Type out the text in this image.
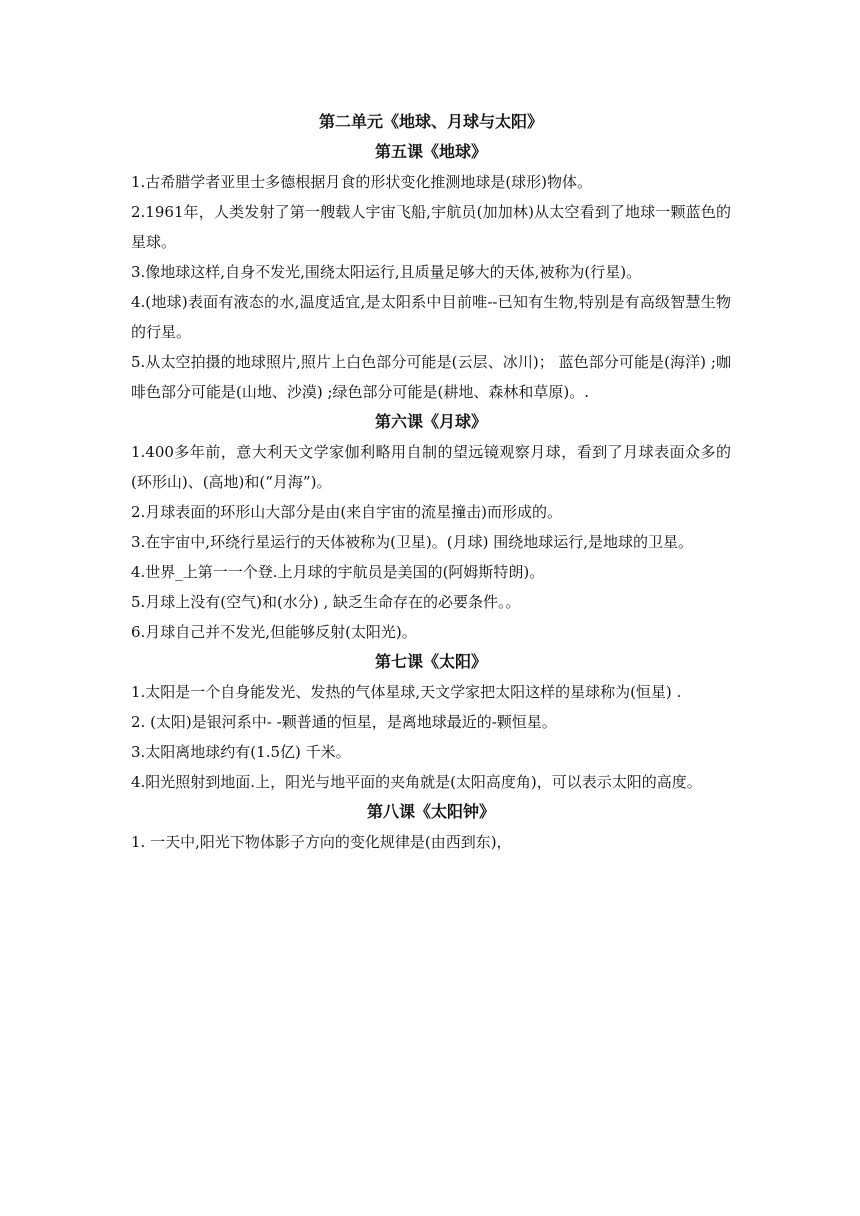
第二单元《地球、月球与太阳》

第五课《地球》

1.古希腊学者亚里士多德根据月食的形状变化推测地球是(球形)物体。

2.1961年，人类发射了第一艘载人宇宙飞船,宇航员(加加林)从太空看到了地球一颗蓝色的星球。

3.像地球这样,自身不发光,围绕太阳运行,且质量足够大的天体,被称为(行星)。

4.(地球)表面有液态的水,温度适宜,是太阳系中目前唯--已知有生物,特别是有高级智慧生物的行星。

5.从太空拍摄的地球照片,照片上白色部分可能是(云层、冰川)； 蓝色部分可能是(海洋) ;咖啡色部分可能是(山地、沙漠) ;绿色部分可能是(耕地、森林和草原)。.

第六课《月球》

1.400多年前，意大利天文学家伽利略用自制的望远镜观察月球，看到了月球表面众多的(环形山)、(高地)和(“月海”)。

2.月球表面的环形山大部分是由(来自宇宙的流星撞击)而形成的。

3.在宇宙中,环绕行星运行的天体被称为(卫星)。(月球) 围绕地球运行,是地球的卫星。

4.世界_上第一一个登.上月球的宇航员是美国的(阿姆斯特朗)。

5.月球上没有(空气)和(水分) , 缺乏生命存在的必要条件。。

6.月球自己并不发光,但能够反射(太阳光)。

第七课《太阳》

1.太阳是一个自身能发光、发热的气体星球,天文学家把太阳这样的星球称为(恒星) .

2. (太阳)是银河系中- -颗普通的恒星，是离地球最近的-颗恒星。

3.太阳离地球约有(1.5亿) 千米。

4.阳光照射到地面.上，阳光与地平面的夹角就是(太阳高度角)，可以表示太阳的高度。

第八课《太阳钟》

1. 一天中,阳光下物体影子方向的变化规律是(由西到东)，
